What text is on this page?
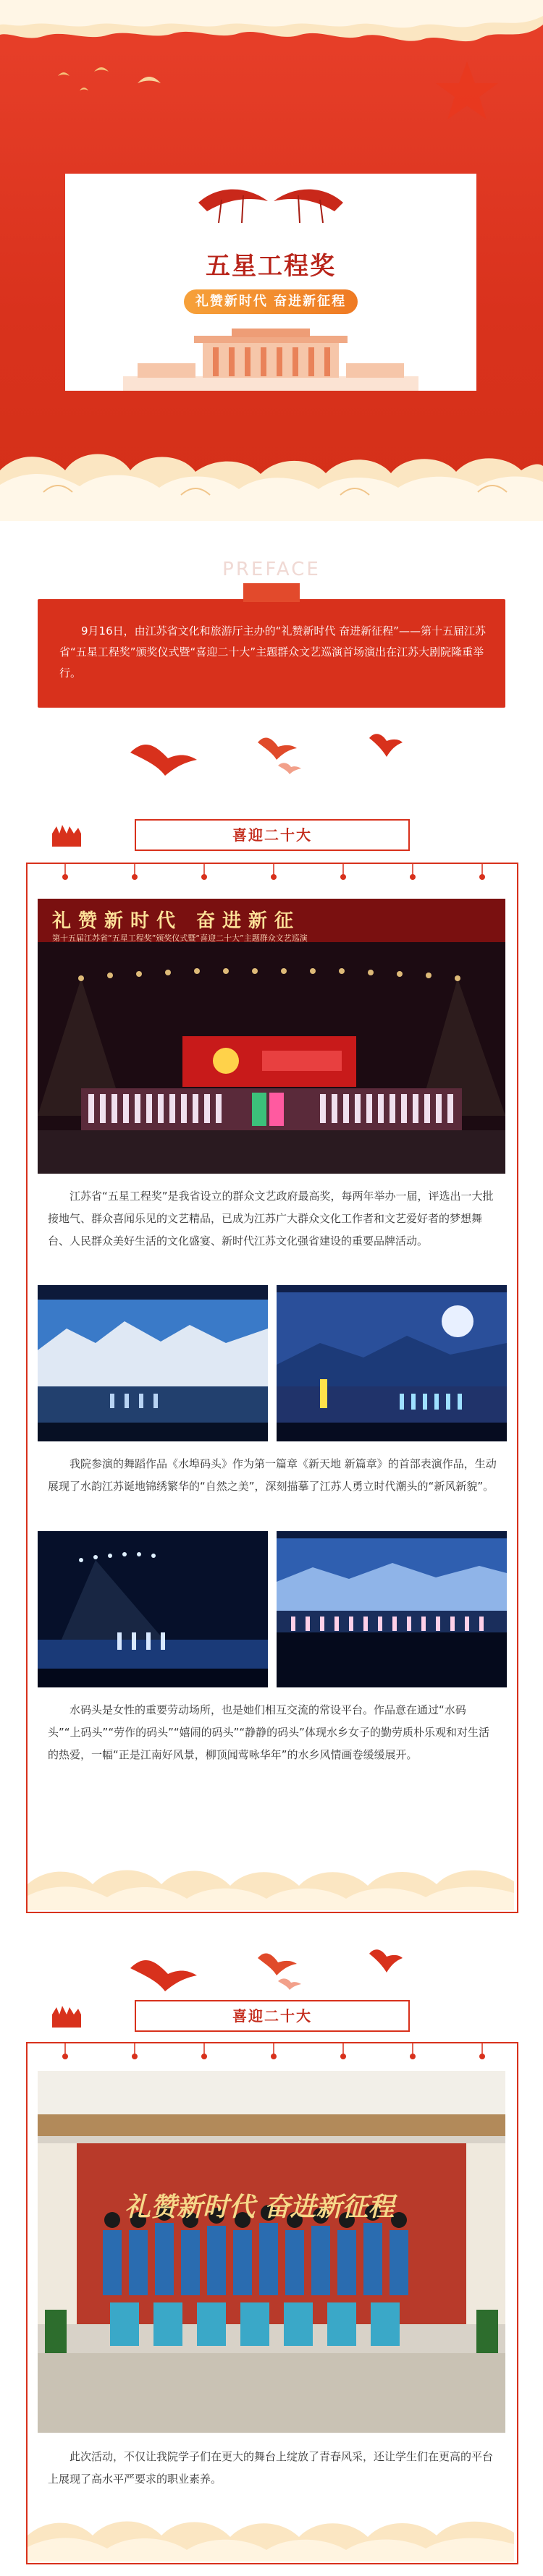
五星工程奖
礼赞新时代 奋进新征程
PREFACE
9月16日，由江苏省文化和旅游厅主办的“礼赞新时代 奋进新征程”——第十五届江苏省“五星工程奖”颁奖仪式暨“喜迎二十大”主题群众文艺巡演首场演出在江苏大剧院隆重举行。
喜迎二十大
礼赞新时代 奋进新征
第十五届江苏省“五星工程奖”颁奖仪式暨“喜迎二十大”主题群众文艺巡演
江苏省“五星工程奖”是我省设立的群众文艺政府最高奖，每两年举办一届，评选出一大批接地气、群众喜闻乐见的文艺精品，已成为江苏广大群众文化工作者和文艺爱好者的梦想舞台、人民群众美好生活的文化盛宴、新时代江苏文化强省建设的重要品牌活动。
我院参演的舞蹈作品《水埠码头》作为第一篇章《新天地 新篇章》的首部表演作品，生动展现了水韵江苏诞地锦绣繁华的“自然之美”，深刻描摹了江苏人勇立时代潮头的“新风新貌”。
水码头是女性的重要劳动场所，也是她们相互交流的常设平台。作品意在通过“水码头”“上码头”“劳作的码头”“嬉闹的码头”“静静的码头”体现水乡女子的勤劳质朴乐观和对生活的热爱，一幅“正是江南好风景，柳顶闻莺咏华年”的水乡风情画卷缓缓展开。
喜迎二十大
礼赞新时代 奋进新征程
此次活动，不仅让我院学子们在更大的舞台上绽放了青春风采，还让学生们在更高的平台上展现了高水平严要求的职业素养。
